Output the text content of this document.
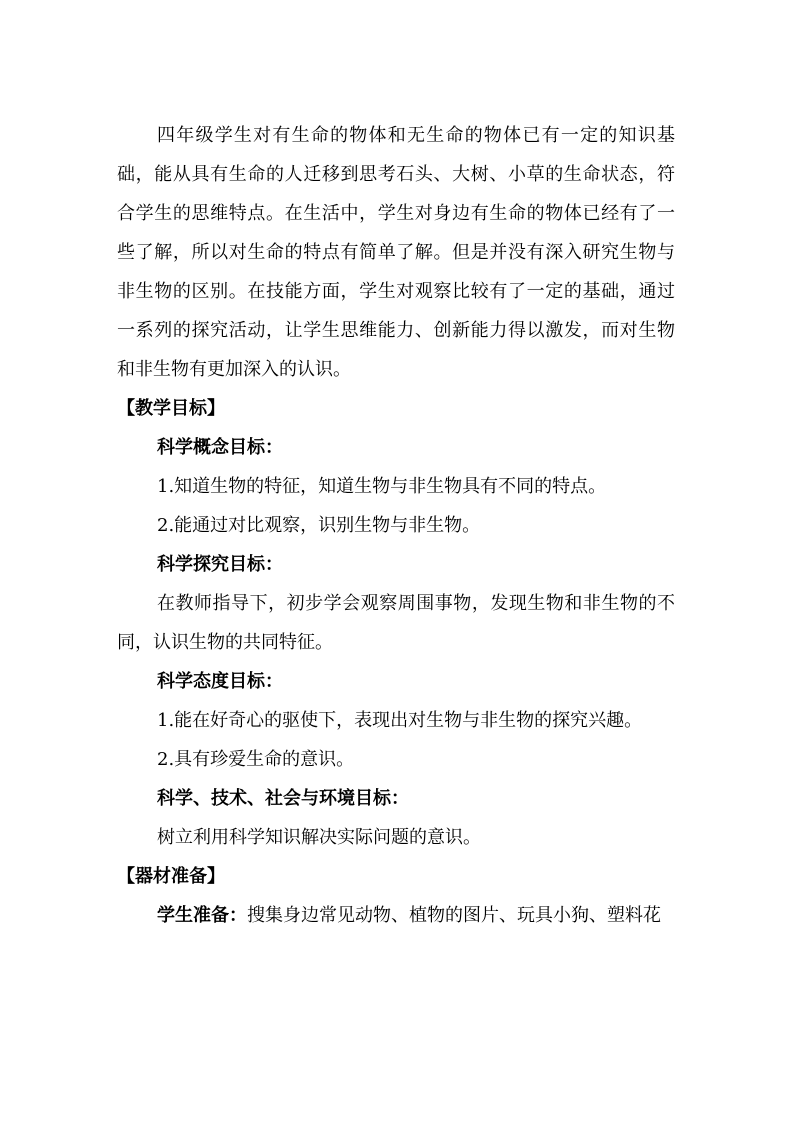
四年级学生对有生命的物体和无生命的物体已有一定的知识基
础，能从具有生命的人迁移到思考石头、大树、小草的生命状态，符
合学生的思维特点。在生活中，学生对身边有生命的物体已经有了一
些了解，所以对生命的特点有简单了解。但是并没有深入研究生物与
非生物的区别。在技能方面，学生对观察比较有了一定的基础，通过
一系列的探究活动，让学生思维能力、创新能力得以激发，而对生物
和非生物有更加深入的认识。
【教学目标】
科学概念目标：
1.知道生物的特征，知道生物与非生物具有不同的特点。
2.能通过对比观察，识别生物与非生物。
科学探究目标：
在教师指导下，初步学会观察周围事物，发现生物和非生物的不
同，认识生物的共同特征。
科学态度目标：
1.能在好奇心的驱使下，表现出对生物与非生物的探究兴趣。
2.具有珍爱生命的意识。
科学、技术、社会与环境目标：
树立利用科学知识解决实际问题的意识。
【器材准备】
学生准备：搜集身边常见动物、植物的图片、玩具小狗、塑料花
